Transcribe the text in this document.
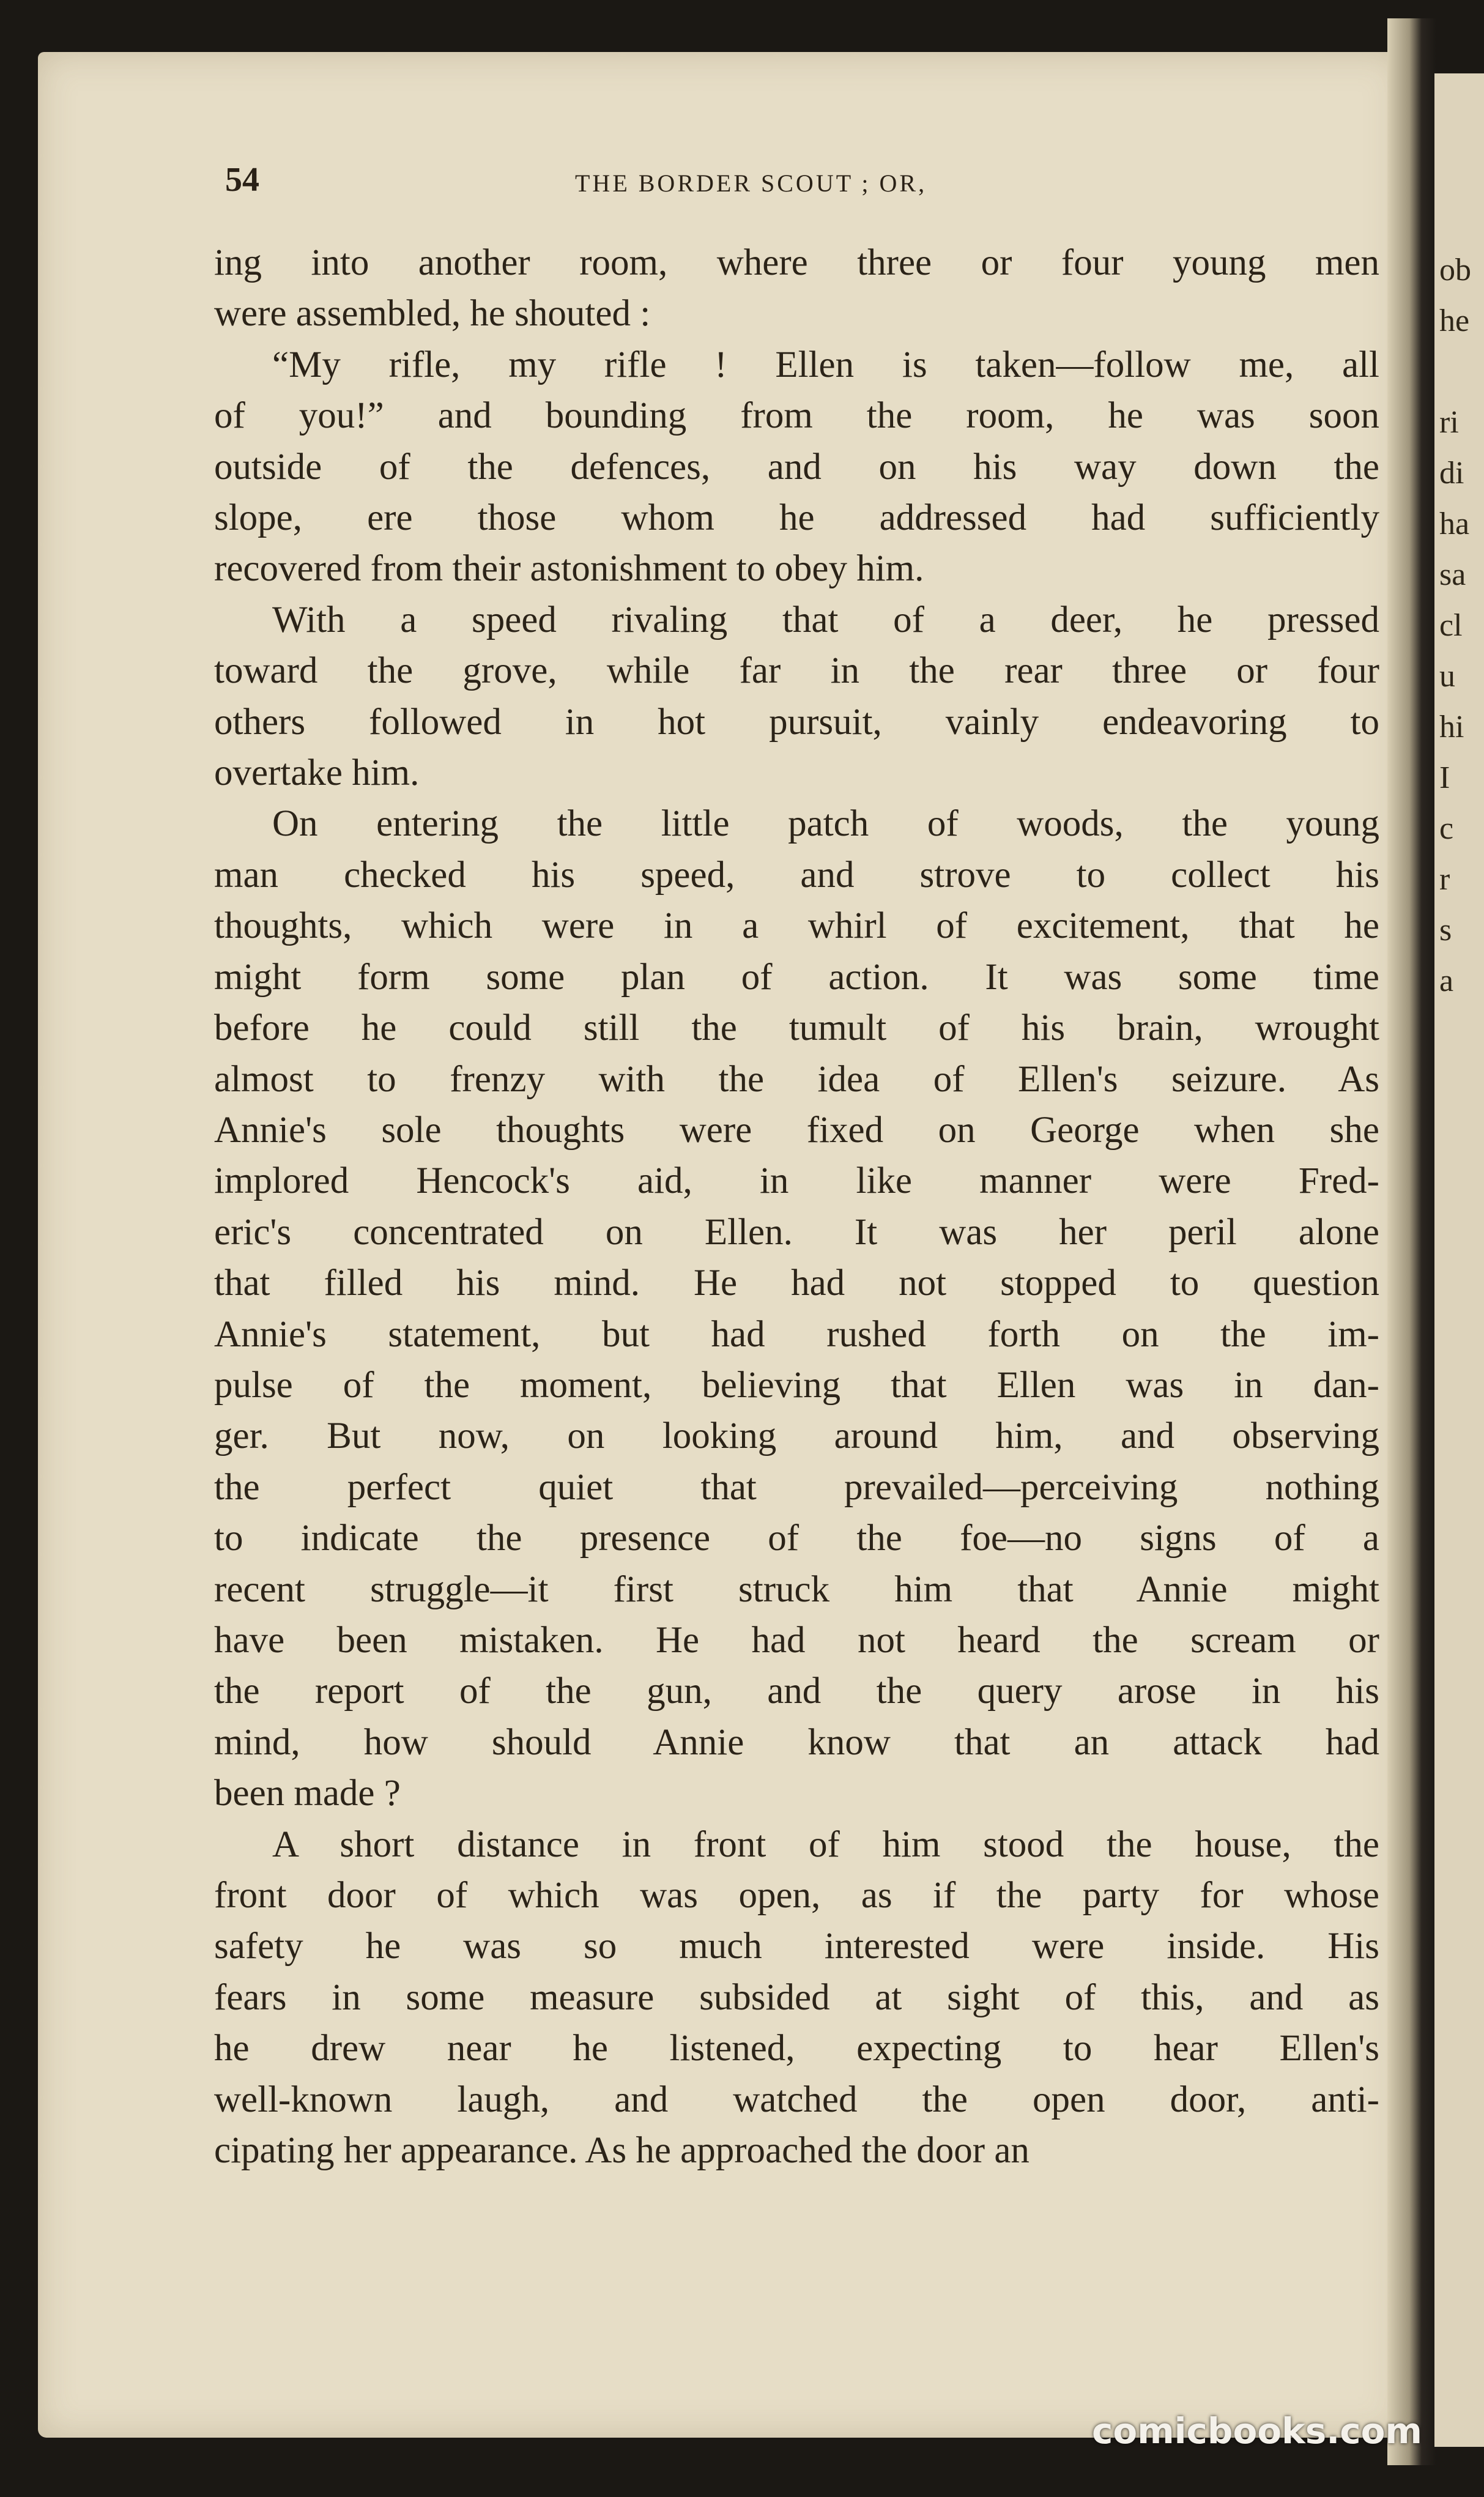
ob
he

ri
di
ha
sa
cl
u
hi
I
c
r
s
a

54	THE BORDER SCOUT ; OR,
ing into another room, where three or four young men
were assembled, he shouted :
“My rifle, my rifle ! Ellen is taken—follow me, all
of you!” and bounding from the room, he was soon
outside of the defences, and on his way down the
slope, ere those whom he addressed had sufficiently
recovered from their astonishment to obey him.
With a speed rivaling that of a deer, he pressed
toward the grove, while far in the rear three or four
others followed in hot pursuit, vainly endeavoring to
overtake him.
On entering the little patch of woods, the young
man checked his speed, and strove to collect his
thoughts, which were in a whirl of excitement, that he
might form some plan of action. It was some time
before he could still the tumult of his brain, wrought
almost to frenzy with the idea of Ellen's seizure. As
Annie's sole thoughts were fixed on George when she
implored Hencock's aid, in like manner were Fred-
eric's concentrated on Ellen. It was her peril alone
that filled his mind. He had not stopped to question
Annie's statement, but had rushed forth on the im-
pulse of the moment, believing that Ellen was in dan-
ger. But now, on looking around him, and observing
the perfect quiet that prevailed—perceiving nothing
to indicate the presence of the foe—no signs of a
recent struggle—it first struck him that Annie might
have been mistaken. He had not heard the scream or
the report of the gun, and the query arose in his
mind, how should Annie know that an attack had
been made ?
A short distance in front of him stood the house, the
front door of which was open, as if the party for whose
safety he was so much interested were inside. His
fears in some measure subsided at sight of this, and as
he drew near he listened, expecting to hear Ellen's
well-known laugh, and watched the open door, anti-
cipating her appearance. As he approached the door an
comicbooks.com
